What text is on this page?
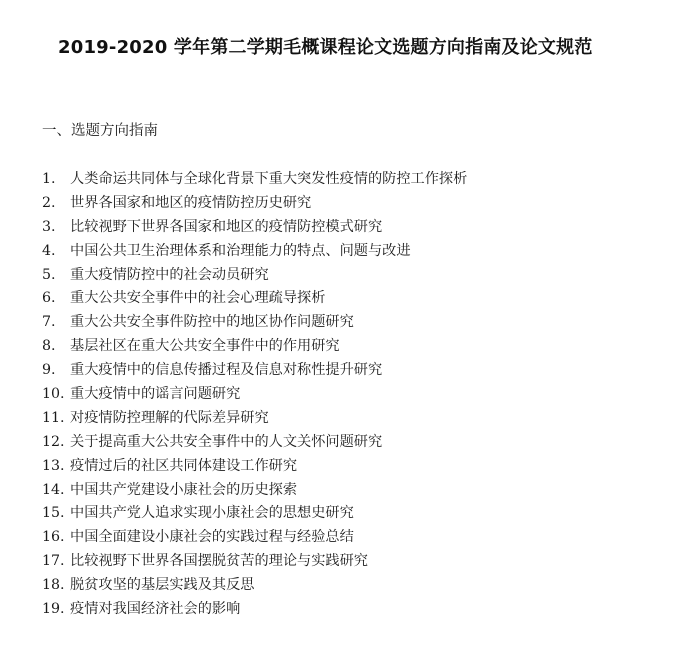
2019-2020 学年第二学期毛概课程论文选题方向指南及论文规范
一、选题方向指南
1.	人类命运共同体与全球化背景下重大突发性疫情的防控工作探析
2.	世界各国家和地区的疫情防控历史研究
3.	比较视野下世界各国家和地区的疫情防控模式研究
4.	中国公共卫生治理体系和治理能力的特点、问题与改进
5.	重大疫情防控中的社会动员研究
6.	重大公共安全事件中的社会心理疏导探析
7.	重大公共安全事件防控中的地区协作问题研究
8.	基层社区在重大公共安全事件中的作用研究
9.	重大疫情中的信息传播过程及信息对称性提升研究
10. 重大疫情中的谣言问题研究
11. 对疫情防控理解的代际差异研究
12. 关于提高重大公共安全事件中的人文关怀问题研究
13. 疫情过后的社区共同体建设工作研究
14. 中国共产党建设小康社会的历史探索
15. 中国共产党人追求实现小康社会的思想史研究
16. 中国全面建设小康社会的实践过程与经验总结
17. 比较视野下世界各国摆脱贫苦的理论与实践研究
18. 脱贫攻坚的基层实践及其反思
19. 疫情对我国经济社会的影响
